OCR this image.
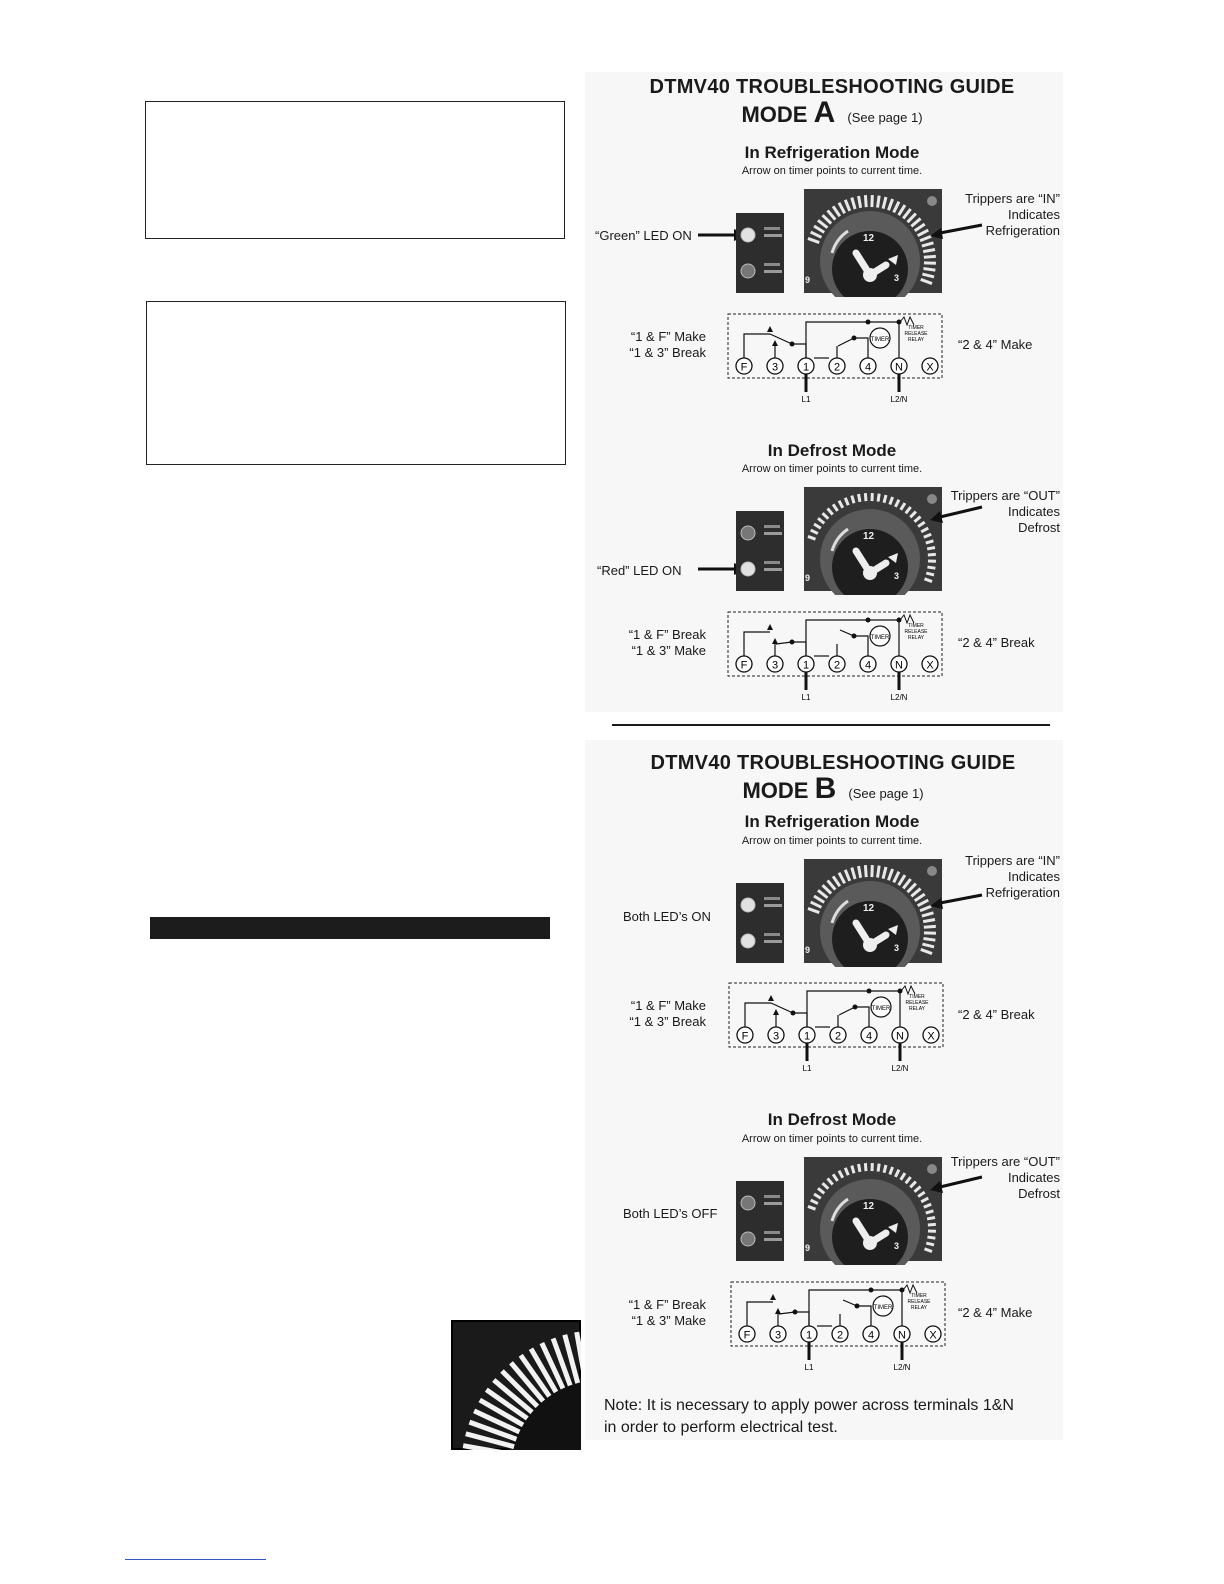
DTMV40 TROUBLESHOOTING GUIDE
MODE A (See page 1)
In Refrigeration Mode
Arrow on timer points to current time.
“Green” LED ON
Trippers are “IN”
Indicates
Refrigeration
12
3
9
“1 & F” Make
“1 & 3” Break
F 3 1 2 4 N X
TIMER
TIMER
RELEASE
RELAY
L1	L2/N
“2 & 4” Make
In Defrost Mode
Arrow on timer points to current time.
“Red” LED ON
Trippers are “OUT”
Indicates
Defrost
12
3
9
“1 & F” Break
“1 & 3” Make
F 3 1 2 4 N X
TIMER
TIMER
RELEASE
RELAY
L1	L2/N
“2 & 4” Break
DTMV40 TROUBLESHOOTING GUIDE
MODE B (See page 1)
In Refrigeration Mode
Arrow on timer points to current time.
Both LED’s ON
Trippers are “IN”
Indicates
Refrigeration
12
3
9
“1 & F” Make
“1 & 3” Break
F 3 1 2 4 N X
TIMER
TIMER
RELEASE
RELAY
L1	L2/N
“2 & 4” Break
In Defrost Mode
Arrow on timer points to current time.
Both LED’s OFF
Trippers are “OUT”
Indicates
Defrost
12
3
9
“1 & F” Break
“1 & 3” Make
F 3 1 2 4 N X
TIMER
TIMER
RELEASE
RELAY
L1	L2/N
“2 & 4” Make
Note: It is necessary to apply power across terminals 1&N
in order to perform electrical test.
